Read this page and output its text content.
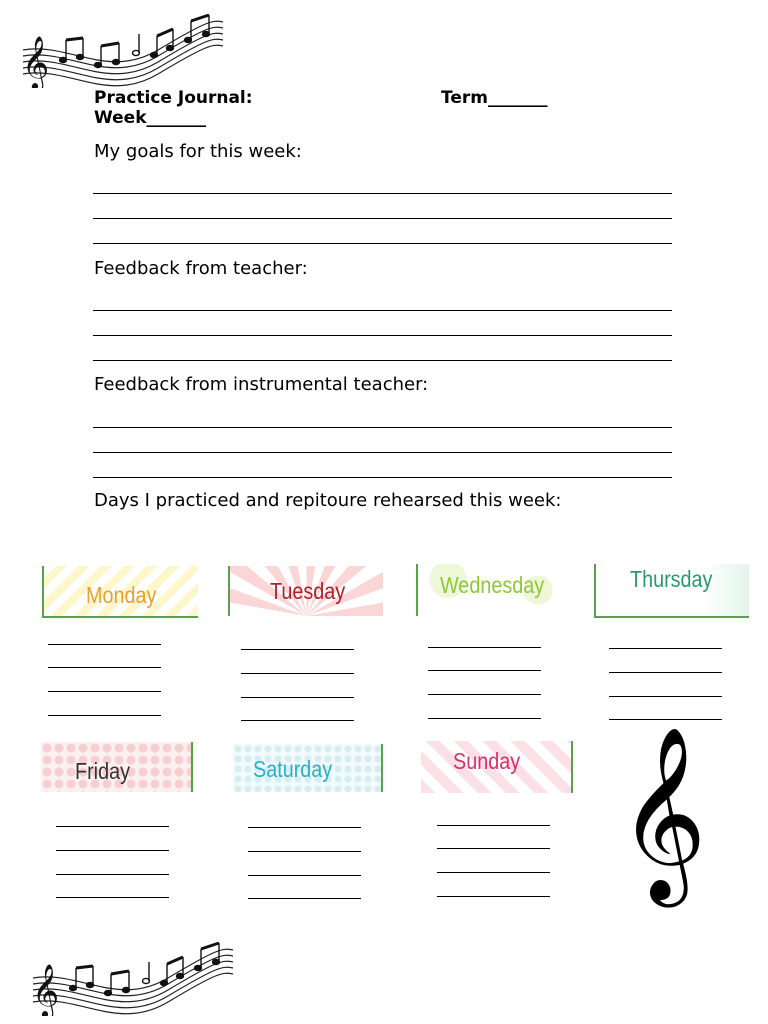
𝄞
Practice Journal:	Term_______
Week_______
My goals for this week:
Feedback from teacher:
Feedback from instrumental teacher:
Days I practiced and repitoure rehearsed this week:
Monday	Tuesday	Wednesday	Thursday
Friday	Saturday	Sunday 𝄞
𝄞
